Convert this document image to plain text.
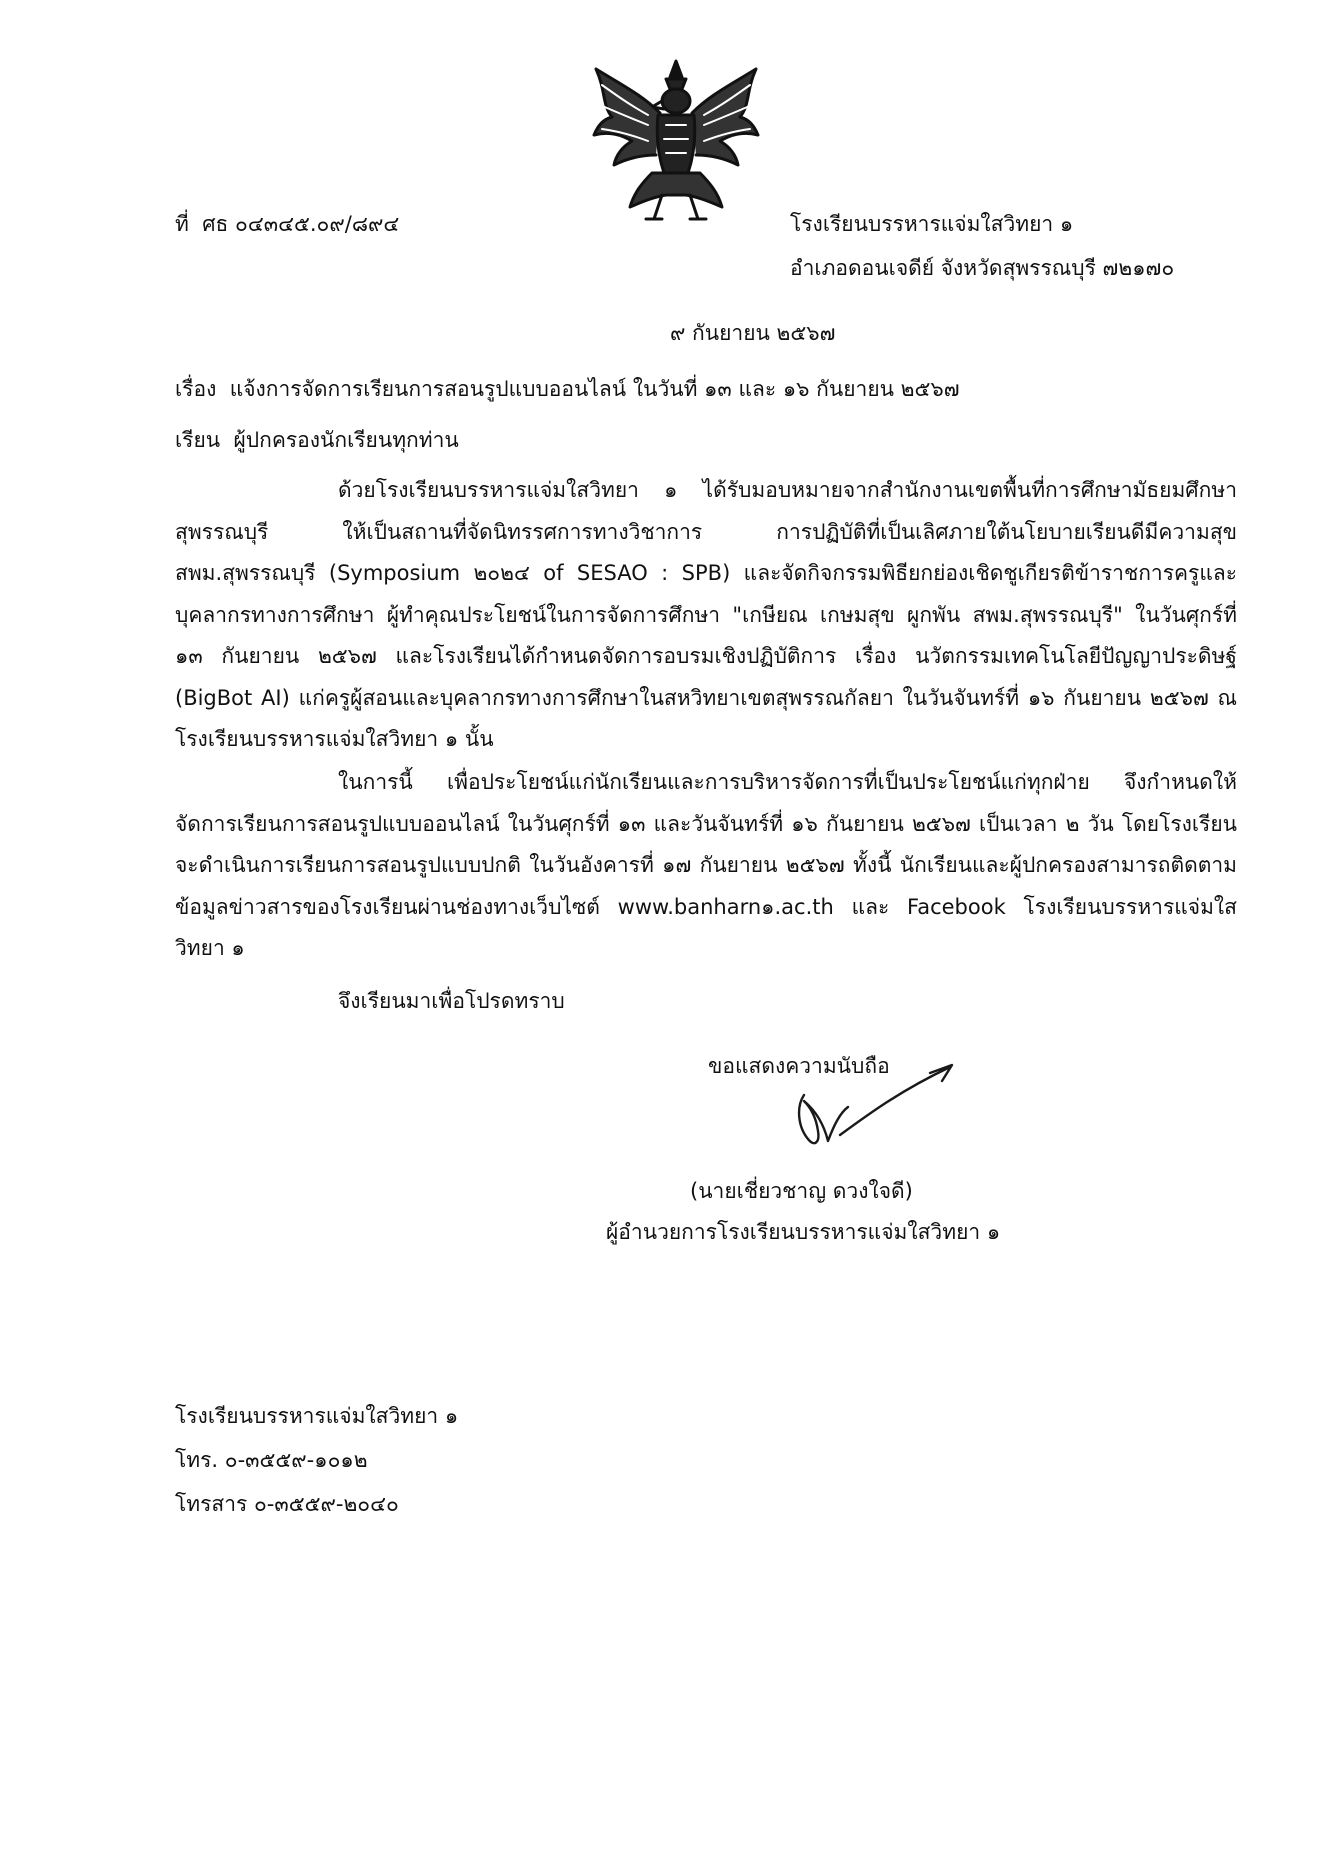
ที่ ศธ ๐๔๓๔๕.๐๙/๘๙๔	โรงเรียนบรรหารแจ่มใสวิทยา ๑
อำเภอดอนเจดีย์ จังหวัดสุพรรณบุรี ๗๒๑๗๐
๙ กันยายน ๒๕๖๗
เรื่อง แจ้งการจัดการเรียนการสอนรูปแบบออนไลน์ ในวันที่ ๑๓ และ ๑๖ กันยายน ๒๕๖๗
เรียน ผู้ปกครองนักเรียนทุกท่าน

ด้วยโรงเรียนบรรหารแจ่มใสวิทยา ๑ ได้รับมอบหมายจากสำนักงานเขตพื้นที่การศึกษามัธยมศึกษาสุพรรณบุรี ให้เป็นสถานที่จัดนิทรรศการทางวิชาการ การปฏิบัติที่เป็นเลิศภายใต้นโยบายเรียนดีมีความสุข สพม.สุพรรณบุรี (Symposium ๒๐๒๔ of SESAO : SPB) และจัดกิจกรรมพิธียกย่องเชิดชูเกียรติข้าราชการครูและบุคลากรทางการศึกษา ผู้ทำคุณประโยชน์ในการจัดการศึกษา "เกษียณ เกษมสุข ผูกพัน สพม.สุพรรณบุรี" ในวันศุกร์ที่ ๑๓ กันยายน ๒๕๖๗ และโรงเรียนได้กำหนดจัดการอบรมเชิงปฏิบัติการ เรื่อง นวัตกรรมเทคโนโลยีปัญญาประดิษฐ์ (BigBot AI) แก่ครูผู้สอนและบุคลากรทางการศึกษาในสหวิทยาเขตสุพรรณกัลยา ในวันจันทร์ที่ ๑๖ กันยายน ๒๕๖๗ ณ โรงเรียนบรรหารแจ่มใสวิทยา ๑ นั้น

ในการนี้ เพื่อประโยชน์แก่นักเรียนและการบริหารจัดการที่เป็นประโยชน์แก่ทุกฝ่าย จึงกำหนดให้จัดการเรียนการสอนรูปแบบออนไลน์ ในวันศุกร์ที่ ๑๓ และวันจันทร์ที่ ๑๖ กันยายน ๒๕๖๗ เป็นเวลา ๒ วัน โดยโรงเรียนจะดำเนินการเรียนการสอนรูปแบบปกติ ในวันอังคารที่ ๑๗ กันยายน ๒๕๖๗ ทั้งนี้ นักเรียนและผู้ปกครองสามารถติดตามข้อมูลข่าวสารของโรงเรียนผ่านช่องทางเว็บไซต์ www.banharn๑.ac.th และ Facebook โรงเรียนบรรหารแจ่มใสวิทยา ๑

จึงเรียนมาเพื่อโปรดทราบ
ขอแสดงความนับถือ
(นายเชี่ยวชาญ ดวงใจดี)
ผู้อำนวยการโรงเรียนบรรหารแจ่มใสวิทยา ๑
โรงเรียนบรรหารแจ่มใสวิทยา ๑
โทร. ๐-๓๕๕๙-๑๐๑๒
โทรสาร ๐-๓๕๕๙-๒๐๔๐
